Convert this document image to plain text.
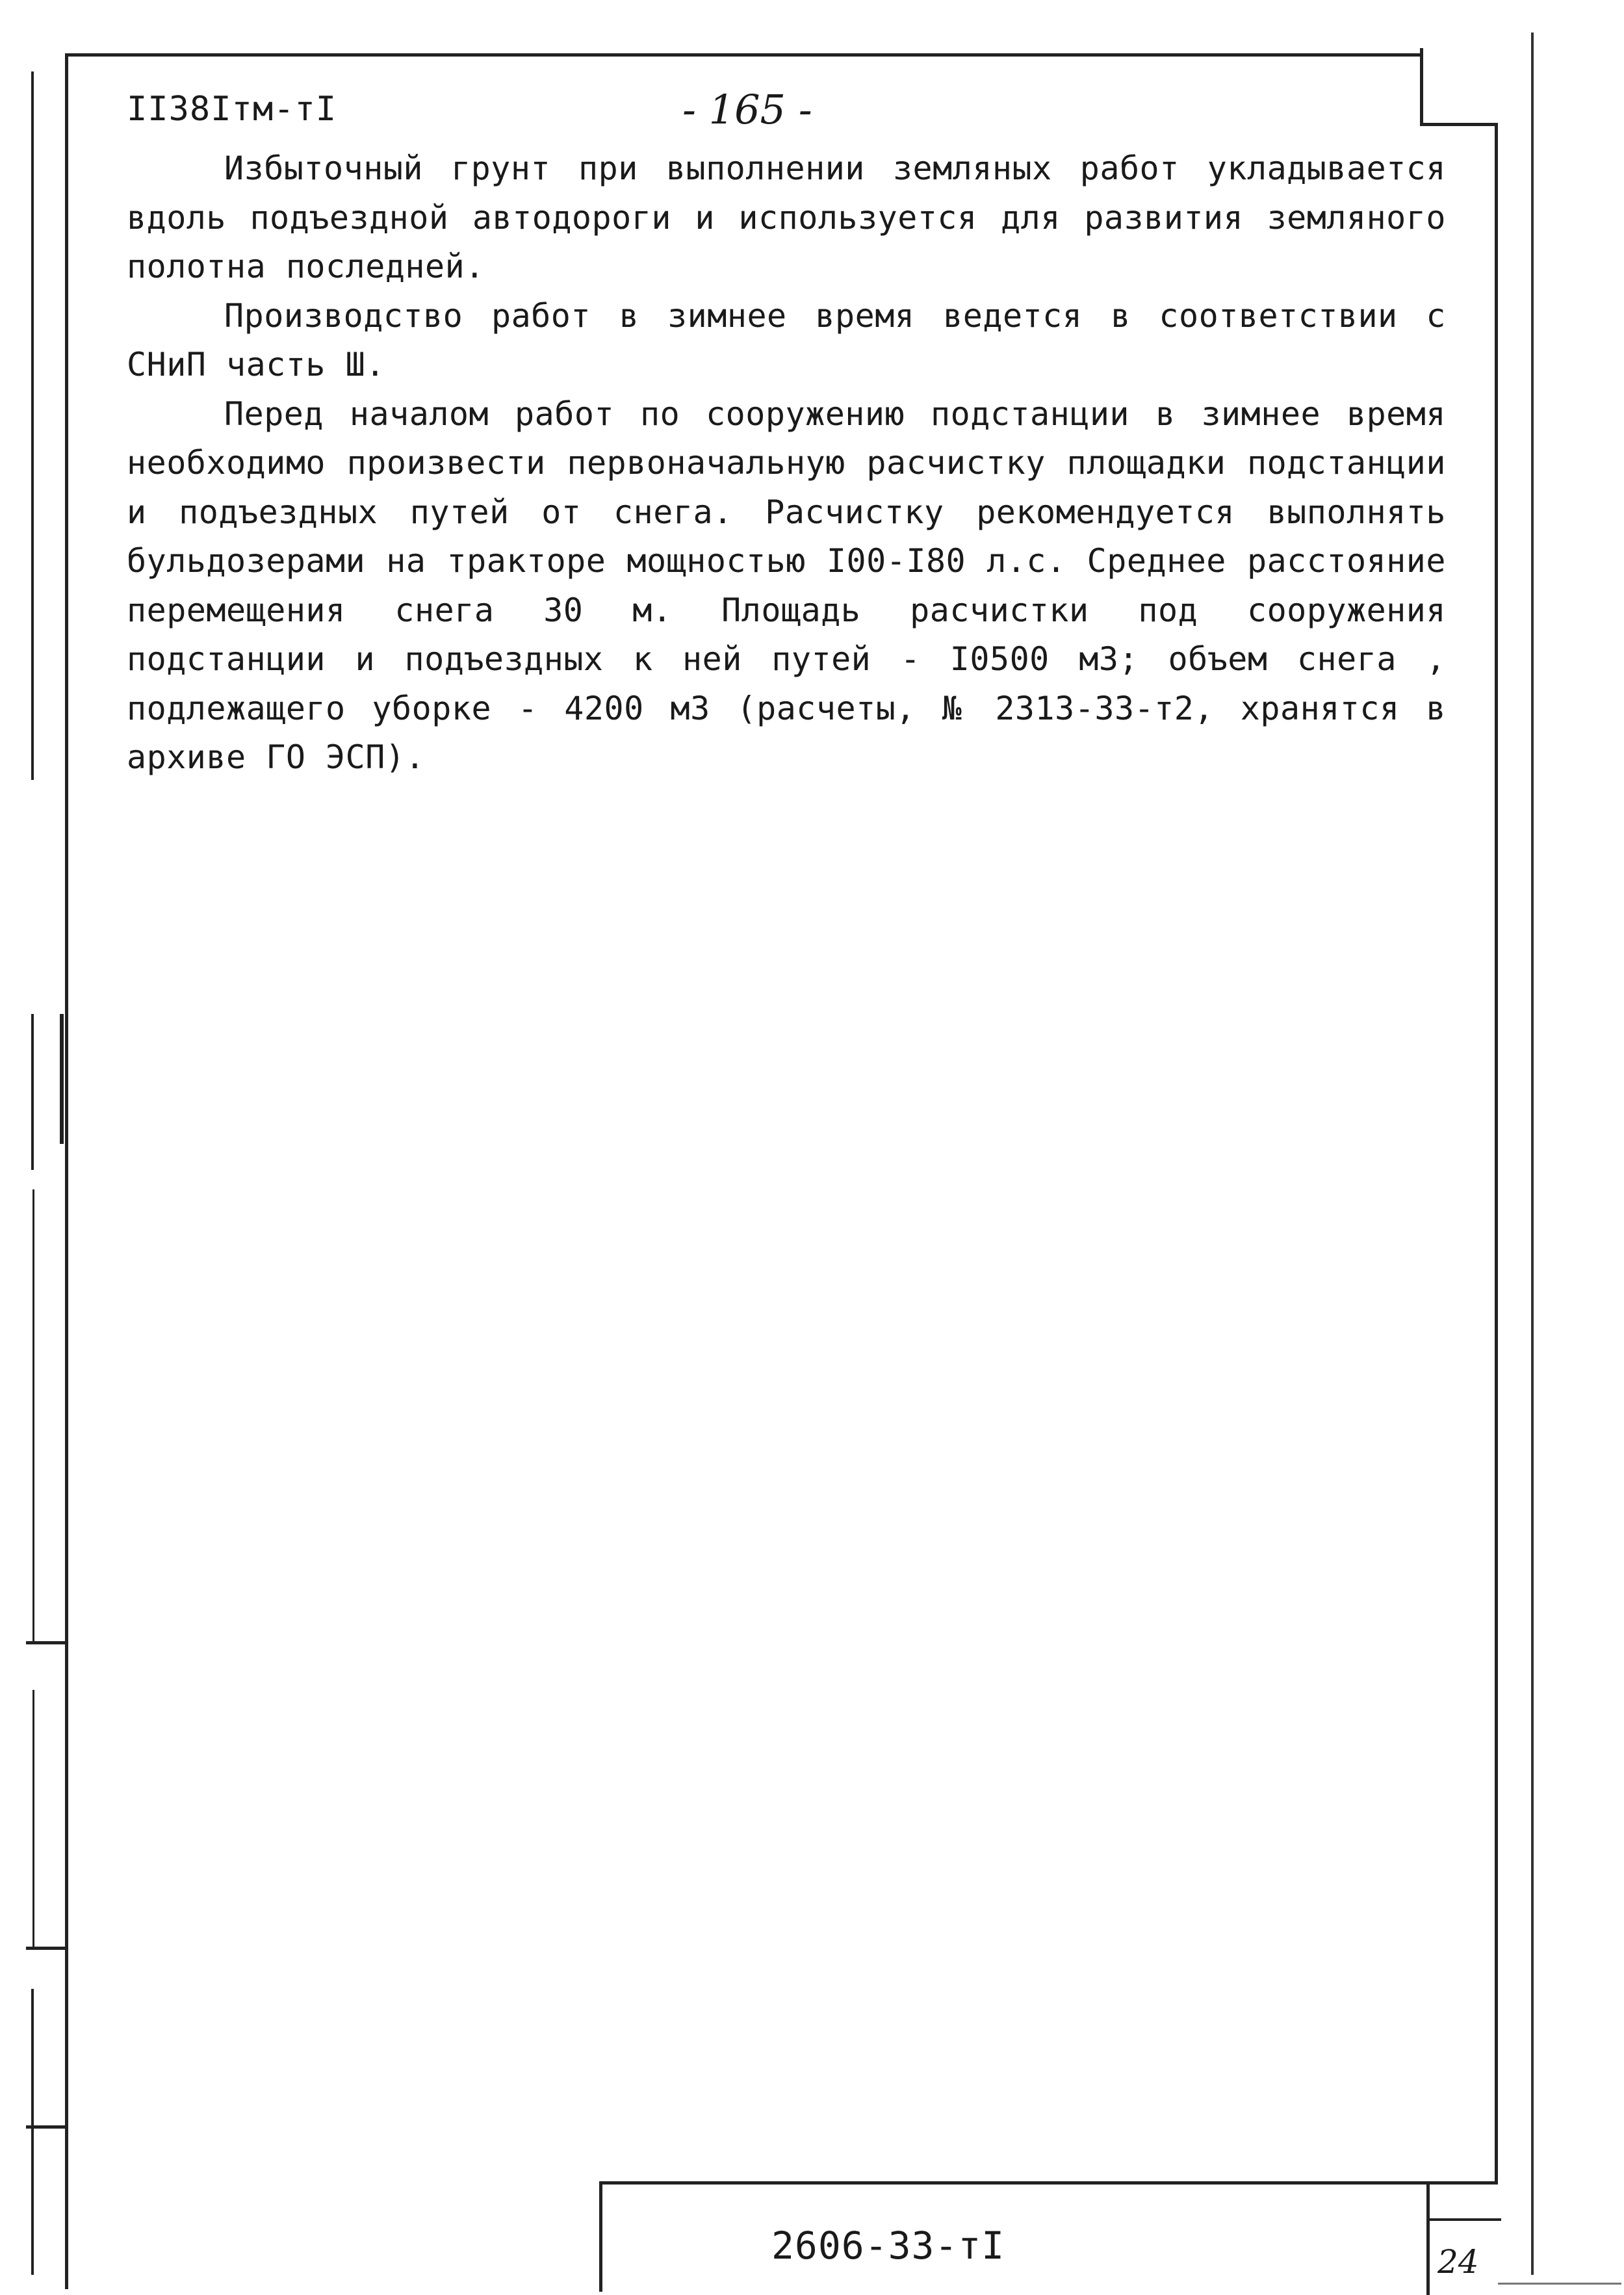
II38Iтм-тI	- 165 -

Избыточный грунт при выполнении земляных работ укладывается вдоль подъездной автодороги и используется для развития земляного полотна последней.

Производство работ в зимнее время ведется в соответствии с СНиП часть Ш.

Перед началом работ по сооружению подстанции в зимнее время необходимо произвести первоначальную расчистку площадки подстанции и подъездных путей от снега. Расчистку рекомендуется выполнять бульдозерами на тракторе мощностью I00-I80 л.с. Среднее расстояние перемещения снега 30 м. Площадь расчистки под сооружения подстанции и подъездных к ней путей - I0500 м3; объем снега , подлежащего уборке - 4200 м3 (расчеты, № 2313-33-т2, хранятся в архиве ГО ЭСП).

2606-33-тI	24
